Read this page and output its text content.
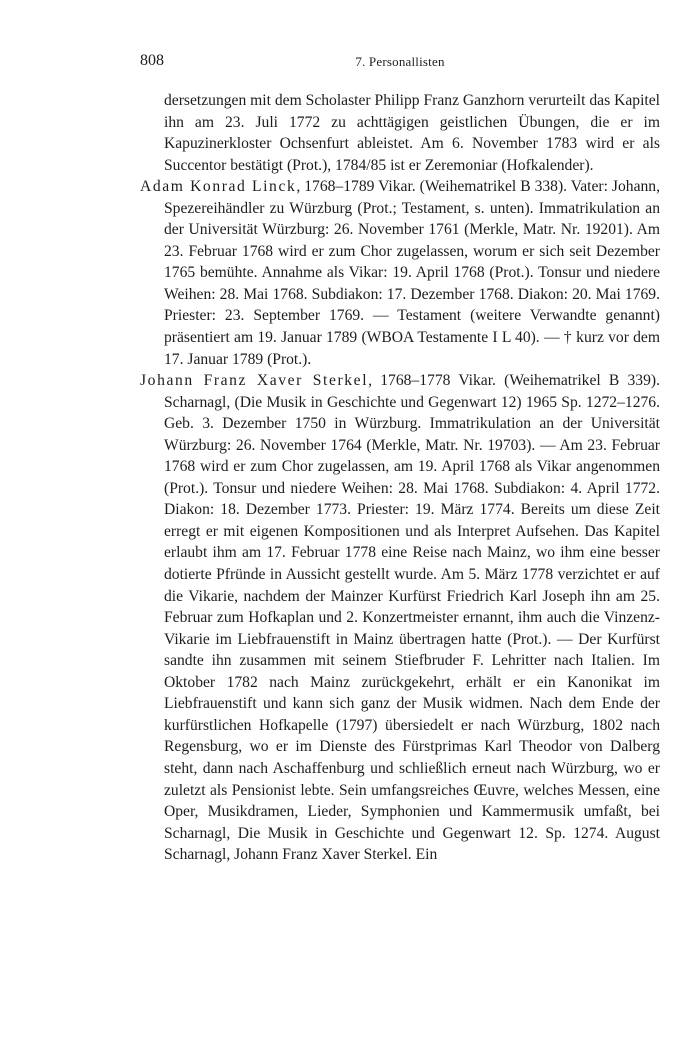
808	7. Personallisten

dersetzungen mit dem Scholaster Philipp Franz Ganzhorn verurteilt das Kapitel ihn am 23. Juli 1772 zu achttägigen geistlichen Übungen, die er im Kapuzinerkloster Ochsenfurt ableistet. Am 6. November 1783 wird er als Succentor bestätigt (Prot.), 1784/85 ist er Zeremoniar (Hofkalender).

Adam Konrad Linck, 1768–1789 Vikar. (Weihematrikel B 338). Vater: Johann, Spezereihändler zu Würzburg (Prot.; Testament, s. unten). Immatrikulation an der Universität Würzburg: 26. November 1761 (Merkle, Matr. Nr. 19201). Am 23. Februar 1768 wird er zum Chor zugelassen, worum er sich seit Dezember 1765 bemühte. Annahme als Vikar: 19. April 1768 (Prot.). Tonsur und niedere Weihen: 28. Mai 1768. Subdiakon: 17. Dezember 1768. Diakon: 20. Mai 1769. Priester: 23. September 1769. — Testament (weitere Verwandte genannt) präsentiert am 19. Januar 1789 (WBOA Testamente I L 40). — † kurz vor dem 17. Januar 1789 (Prot.).

Johann Franz Xaver Sterkel, 1768–1778 Vikar. (Weihematrikel B 339). Scharnagl, (Die Musik in Geschichte und Gegenwart 12) 1965 Sp. 1272–1276. Geb. 3. Dezember 1750 in Würzburg. Immatrikulation an der Universität Würzburg: 26. November 1764 (Merkle, Matr. Nr. 19703). — Am 23. Februar 1768 wird er zum Chor zugelassen, am 19. April 1768 als Vikar angenommen (Prot.). Tonsur und niedere Weihen: 28. Mai 1768. Subdiakon: 4. April 1772. Diakon: 18. Dezember 1773. Priester: 19. März 1774. Bereits um diese Zeit erregt er mit eigenen Kompositionen und als Interpret Aufsehen. Das Kapitel erlaubt ihm am 17. Februar 1778 eine Reise nach Mainz, wo ihm eine besser dotierte Pfründe in Aussicht gestellt wurde. Am 5. März 1778 verzichtet er auf die Vikarie, nachdem der Mainzer Kurfürst Friedrich Karl Joseph ihn am 25. Februar zum Hofkaplan und 2. Konzertmeister ernannt, ihm auch die Vinzenz-Vikarie im Liebfrauenstift in Mainz übertragen hatte (Prot.). — Der Kurfürst sandte ihn zusammen mit seinem Stiefbruder F. Lehritter nach Italien. Im Oktober 1782 nach Mainz zurückgekehrt, erhält er ein Kanonikat im Liebfrauenstift und kann sich ganz der Musik widmen. Nach dem Ende der kurfürstlichen Hofkapelle (1797) übersiedelt er nach Würzburg, 1802 nach Regensburg, wo er im Dienste des Fürstprimas Karl Theodor von Dalberg steht, dann nach Aschaffenburg und schließlich erneut nach Würzburg, wo er zuletzt als Pensionist lebte. Sein umfangsreiches Œuvre, welches Messen, eine Oper, Musikdramen, Lieder, Symphonien und Kammermusik umfaßt, bei Scharnagl, Die Musik in Geschichte und Gegenwart 12. Sp. 1274. August Scharnagl, Johann Franz Xaver Sterkel. Ein
